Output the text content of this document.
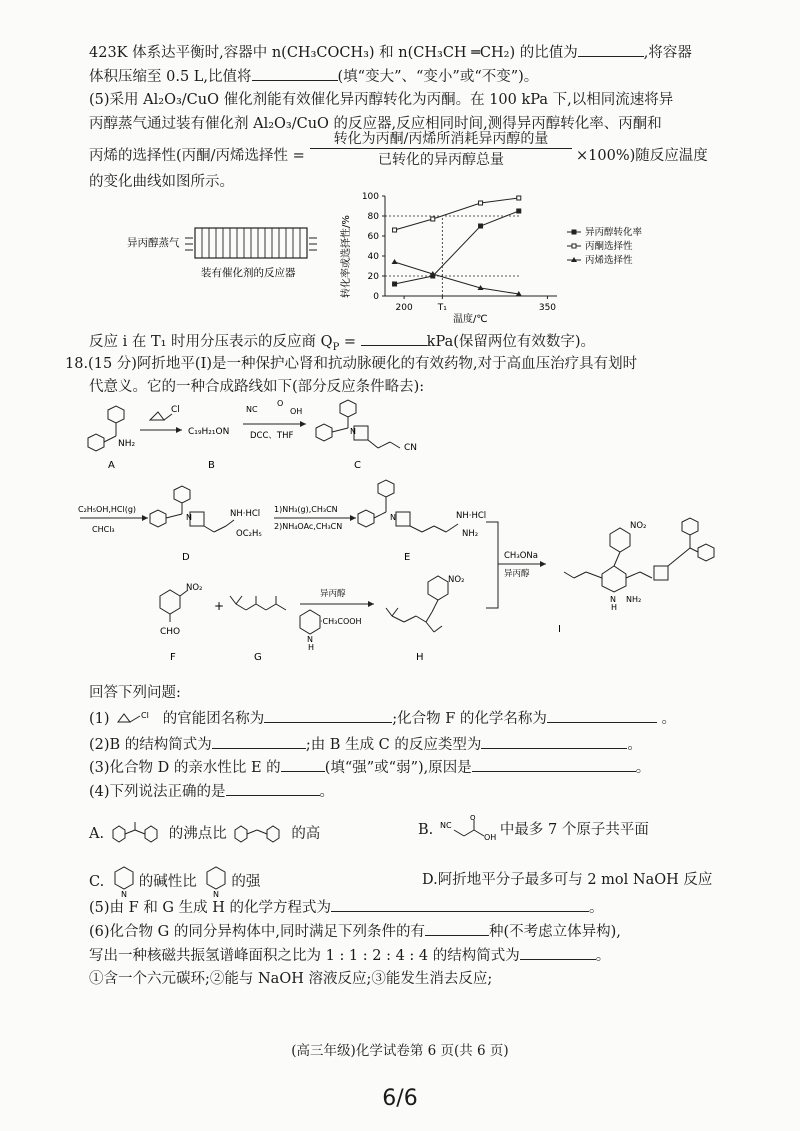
423K 体系达平衡时,容器中 n(CH₃COCH₃) 和 n(CH₃CH ═CH₂) 的比值为	,将容器
体积压缩至 0.5 L,比值将	(填“变大”、“变小”或“不变”)。
(5)采用 Al₂O₃/CuO 催化剂能有效催化异丙醇转化为丙酮。在 100 kPa 下,以相同流速将异
丙醇蒸气通过装有催化剂 Al₂O₃/CuO 的反应器,反应相同时间,测得异丙醇转化率、丙酮和
丙烯的选择性(丙酮/丙烯选择性 =
转化为丙酮/丙烯所消耗异丙醇的量
已转化的异丙醇总量	×100%)随反应温度
的变化曲线如图所示。
异丙醇蒸气
装有催化剂的反应器	转化率或选择性/% 0
20
40
60
80
100
200	T₁	350
异丙醇转化率
丙酮选择性
丙烯选择性
温度/℃
反应 i 在 T₁ 时用分压表示的反应商 $Q_P$ =	kPa(保留两位有效数字)。
18.(15 分)阿折地平(I)是一种保护心肾和抗动脉硬化的有效药物,对于高血压治疗具有划时
代意义。它的一种合成路线如下(部分反应条件略去):
NH₂
A
Cl
C₁₉H₂₁ON
B
NC
O
OH
DCC、THF	N
CN
C
C₂H₅OH,HCl(g)
CHCl₃
N	NH·HCl
OC₂H₅
D
1)NH₃(g),CH₃CN
2)NH₄OAc,CH₃CN
N	NH·HCl
NH₂
E	CH₃ONa
异丙醇
NO₂
N
H
NH₂
NO₂
CHO
F
+
G
异丙醇
·CH₃COOH
N
H
NO₂
H
I
回答下列问题:
(1)	Cl 的官能团名称为	;化合物 F 的化学名称为	。
(2)B 的结构简式为	;由 B 生成 C 的反应类型为	。
(3)化合物 D 的亲水性比 E 的	(填“强”或“弱”),原因是	。
(4)下列说法正确的是	。
A.	的沸点比	的高	B. NC
O
OH 中最多 7 个原子共平面
C.
N
的碱性比
N
的强	D.阿折地平分子最多可与 2 mol NaOH 反应
(5)由 F 和 G 生成 H 的化学方程式为	。
(6)化合物 G 的同分异构体中,同时满足下列条件的有	种(不考虑立体异构),
写出一种核磁共振氢谱峰面积之比为 1 : 1 : 2 : 4 : 4 的结构简式为	。
①含一个六元碳环;②能与 NaOH 溶液反应;③能发生消去反应;
(高三年级)化学试卷第 6 页(共 6 页)
6/6
